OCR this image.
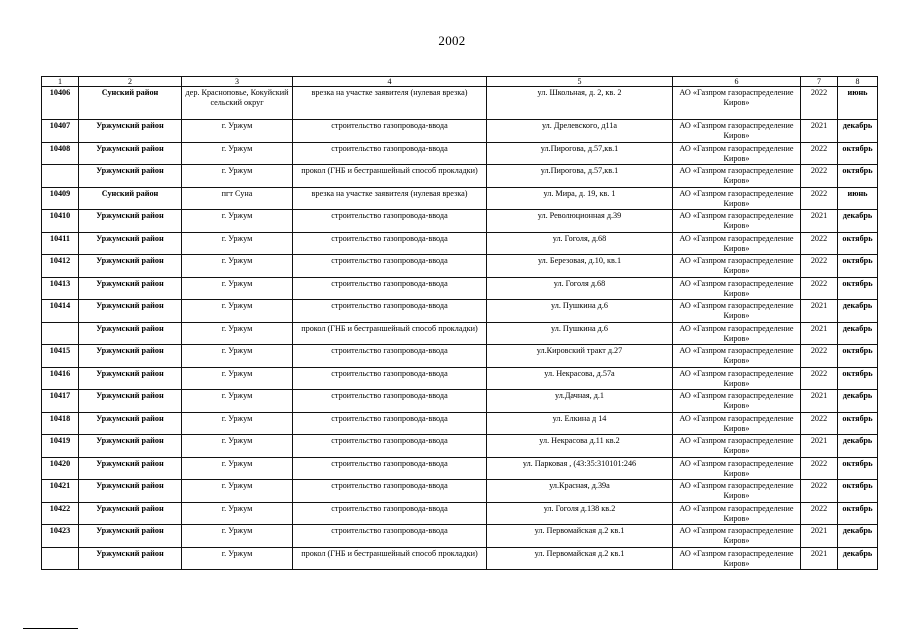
2002
1	2	3	4	5	6	7	8
10406	Сунский район	дер. Красноповье, Кокуйский сельский округ	врезка на участке заявителя (нулевая врезка)	ул. Школьная, д. 2, кв. 2	АО «Газпром газораспределение Киров»	2022	июнь
10407	Уржумский район	г. Уржум	строительство газопровода-ввода	ул. Дрелевского, д11а	АО «Газпром газораспределение Киров»	2021	декабрь
10408	Уржумский район	г. Уржум	строительство газопровода-ввода	ул.Пирогова, д.57,кв.1	АО «Газпром газораспределение Киров»	2022	октябрь
	Уржумский район	г. Уржум	прокол (ГНБ и бестраншейный способ прокладки)	ул.Пирогова, д.57,кв.1	АО «Газпром газораспределение Киров»	2022	октябрь
10409	Сунский район	пгт Суна	врезка на участке заявителя (нулевая врезка)	ул. Мира, д. 19, кв. 1	АО «Газпром газораспределение Киров»	2022	июнь
10410	Уржумский район	г. Уржум	строительство газопровода-ввода	ул. Революционная д.39	АО «Газпром газораспределение Киров»	2021	декабрь
10411	Уржумский район	г. Уржум	строительство газопровода-ввода	ул. Гоголя, д.68	АО «Газпром газораспределение Киров»	2022	октябрь
10412	Уржумский район	г. Уржум	строительство газопровода-ввода	ул. Березовая, д.10, кв.1	АО «Газпром газораспределение Киров»	2022	октябрь
10413	Уржумский район	г. Уржум	строительство газопровода-ввода	ул. Гоголя д.68	АО «Газпром газораспределение Киров»	2022	октябрь
10414	Уржумский район	г. Уржум	строительство газопровода-ввода	ул. Пушкина д.6	АО «Газпром газораспределение Киров»	2021	декабрь
	Уржумский район	г. Уржум	прокол (ГНБ и бестраншейный способ прокладки)	ул. Пушкина д.6	АО «Газпром газораспределение Киров»	2021	декабрь
10415	Уржумский район	г. Уржум	строительство газопровода-ввода	ул.Кировский тракт д.27	АО «Газпром газораспределение Киров»	2022	октябрь
10416	Уржумский район	г. Уржум	строительство газопровода-ввода	ул. Некрасова, д.57а	АО «Газпром газораспределение Киров»	2022	октябрь
10417	Уржумский район	г. Уржум	строительство газопровода-ввода	ул.Дачная, д.1	АО «Газпром газораспределение Киров»	2021	декабрь
10418	Уржумский район	г. Уржум	строительство газопровода-ввода	ул. Елкина д 14	АО «Газпром газораспределение Киров»	2022	октябрь
10419	Уржумский район	г. Уржум	строительство газопровода-ввода	ул. Некрасова д.11 кв.2	АО «Газпром газораспределение Киров»	2021	декабрь
10420	Уржумский район	г. Уржум	строительство газопровода-ввода	ул. Парковая , (43:35:310101:246	АО «Газпром газораспределение Киров»	2022	октябрь
10421	Уржумский район	г. Уржум	строительство газопровода-ввода	ул.Красная, д.39а	АО «Газпром газораспределение Киров»	2022	октябрь
10422	Уржумский район	г. Уржум	строительство газопровода-ввода	ул. Гоголя д.138 кв.2	АО «Газпром газораспределение Киров»	2022	октябрь
10423	Уржумский район	г. Уржум	строительство газопровода-ввода	ул. Первомайская д.2 кв.1	АО «Газпром газораспределение Киров»	2021	декабрь
	Уржумский район	г. Уржум	прокол (ГНБ и бестраншейный способ прокладки)	ул. Первомайская д.2 кв.1	АО «Газпром газораспределение Киров»	2021	декабрь
